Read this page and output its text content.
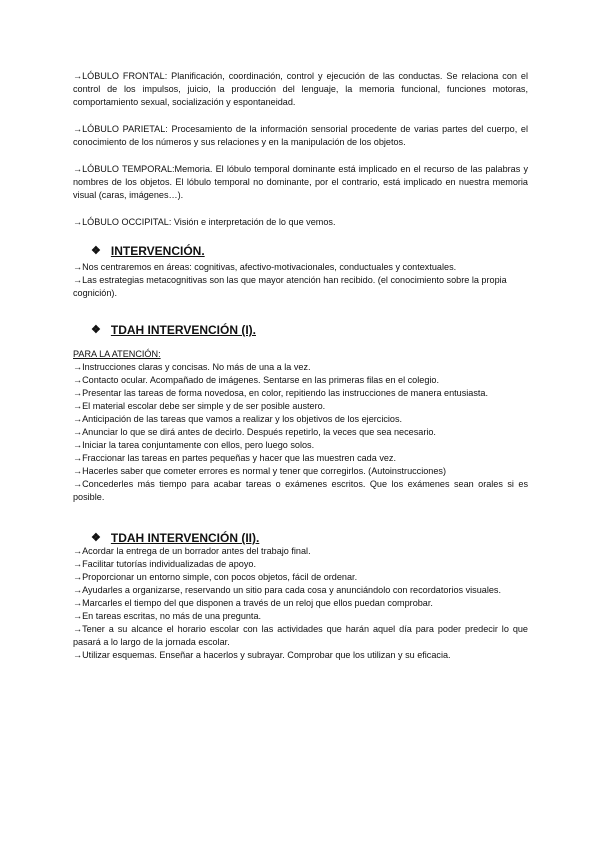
→LÓBULO FRONTAL: Planificación, coordinación, control y ejecución de las conductas. Se relaciona con el control de los impulsos, juicio, la producción del lenguaje, la memoria funcional, funciones motoras, comportamiento sexual, socialización y espontaneidad.

→LÓBULO PARIETAL: Procesamiento de la información sensorial procedente de varias partes del cuerpo, el conocimiento de los números y sus relaciones y en la manipulación de los objetos.

→LÓBULO TEMPORAL:Memoria. El lóbulo temporal dominante está implicado en el recurso de las palabras y nombres de los objetos. El lóbulo temporal no dominante, por el contrario, está implicado en nuestra memoria visual (caras, imágenes…).

→LÓBULO OCCIPITAL: Visión e interpretación de lo que vemos.

❖ INTERVENCIÓN.

→Nos centraremos en áreas: cognitivas, afectivo-motivacionales, conductuales y contextuales.

→Las estrategias metacognitivas son las que mayor atención han recibido. (el conocimiento sobre la propia cognición).

❖ TDAH INTERVENCIÓN (I).

PARA LA ATENCIÓN:

→Instrucciones claras y concisas. No más de una a la vez.

→Contacto ocular. Acompañado de imágenes. Sentarse en las primeras filas en el colegio.

→Presentar las tareas de forma novedosa, en color, repitiendo las instrucciones de manera entusiasta.

→El material escolar debe ser simple y de ser posible austero.

→Anticipación de las tareas que vamos a realizar y los objetivos de los ejercicios.

→Anunciar lo que se dirá antes de decirlo. Después repetirlo, la veces que sea necesario.

→Iniciar la tarea conjuntamente con ellos, pero luego solos.

→Fraccionar las tareas en partes pequeñas y hacer que las muestren cada vez.

→Hacerles saber que cometer errores es normal y tener que corregirlos. (Autoinstrucciones)

→Concederles más tiempo para acabar tareas o exámenes escritos. Que los exámenes sean orales si es posible.

❖ TDAH INTERVENCIÓN (II).

→Acordar la entrega de un borrador antes del trabajo final.

→Facilitar tutorías individualizadas de apoyo.

→Proporcionar un entorno simple, con pocos objetos, fácil de ordenar.

→Ayudarles a organizarse, reservando un sitio para cada cosa y anunciándolo con recordatorios visuales.

→Marcarles el tiempo del que disponen a través de un reloj que ellos puedan comprobar.

→En tareas escritas, no más de una pregunta.

→Tener a su alcance el horario escolar con las actividades que harán aquel día para poder predecir lo que pasará a lo largo de la jornada escolar.

→Utilizar esquemas. Enseñar a hacerlos y subrayar. Comprobar que los utilizan y su eficacia.
